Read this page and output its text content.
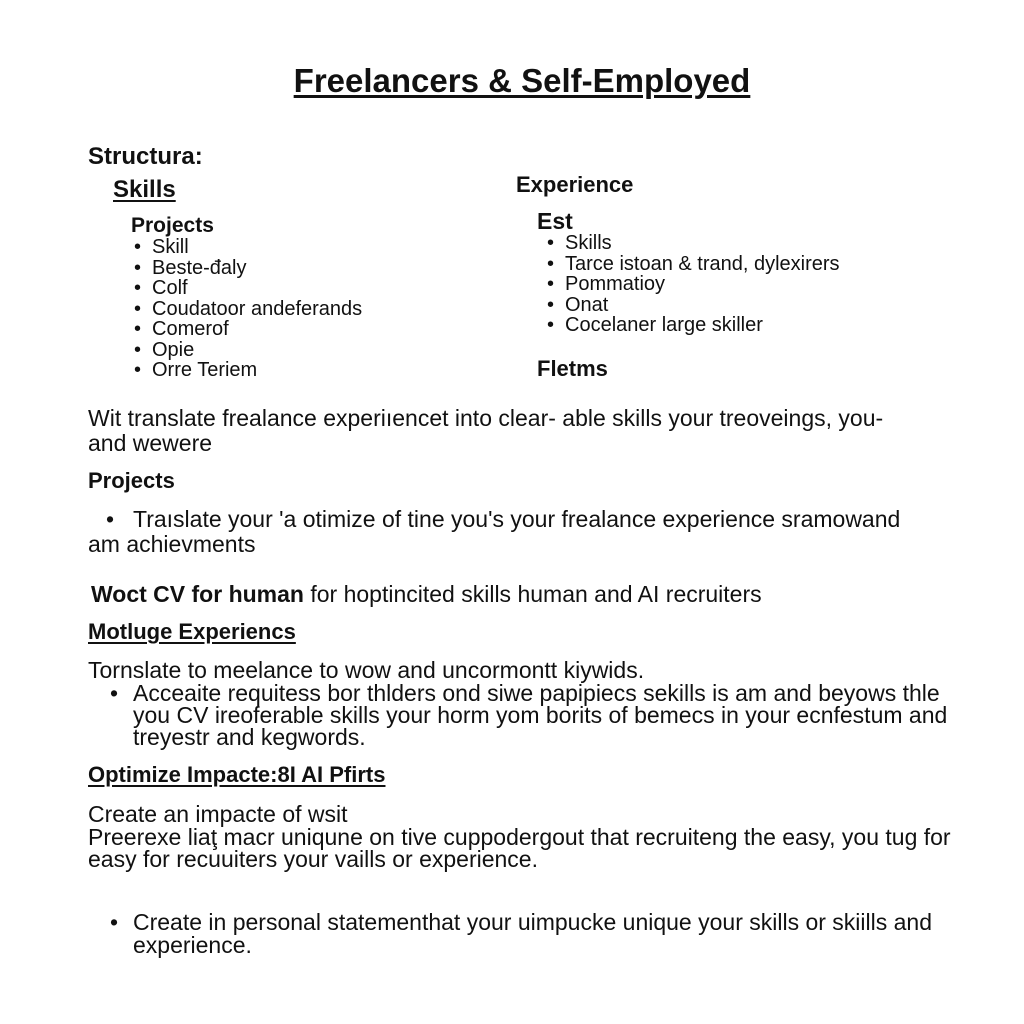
Freelancers & Self-Employed
Structura:
Skills
Projects
• Skill
• Beste-đaly
• Colf
• Coudatoor andeferands
• Comerof
• Opie
• Orre Teriem
Experience
Est
• Skills
• Tarce istoan & trand, dylexirers
• Pommatioy
• Onat
• Cocelaner large skiller
Fletms
Wit translate frealance experiıencet into clear- able skills your treoveings, you-
and wewere
Projects
• Traıslate your 'a otimize of tine you's your frealance experience sramowand
am achievments
Woct CV for human for hoptincited skills human and AI recruiters
Motluge Experiencs
Tornslate to meelance to wow and uncormontt kiywids.
• Acceaite requitess bor thlders ond siwe papipiecs sekills is am and beyows thle
you CV ireoferable skills your horm yom borits of bemecs in your ecnfestum and
treyestr and kegwords.
Optimize Impacte:8I AI Pfirts
Create an impacte of wsit
Preerexe liaţ macr uniqune on tive cuppodergout that recruiteng the easy, you tug for
easy for recuuiters your vaills or experience.
• Create in personal statementhat your uimpucke unique your skills or skiills and
experience.
